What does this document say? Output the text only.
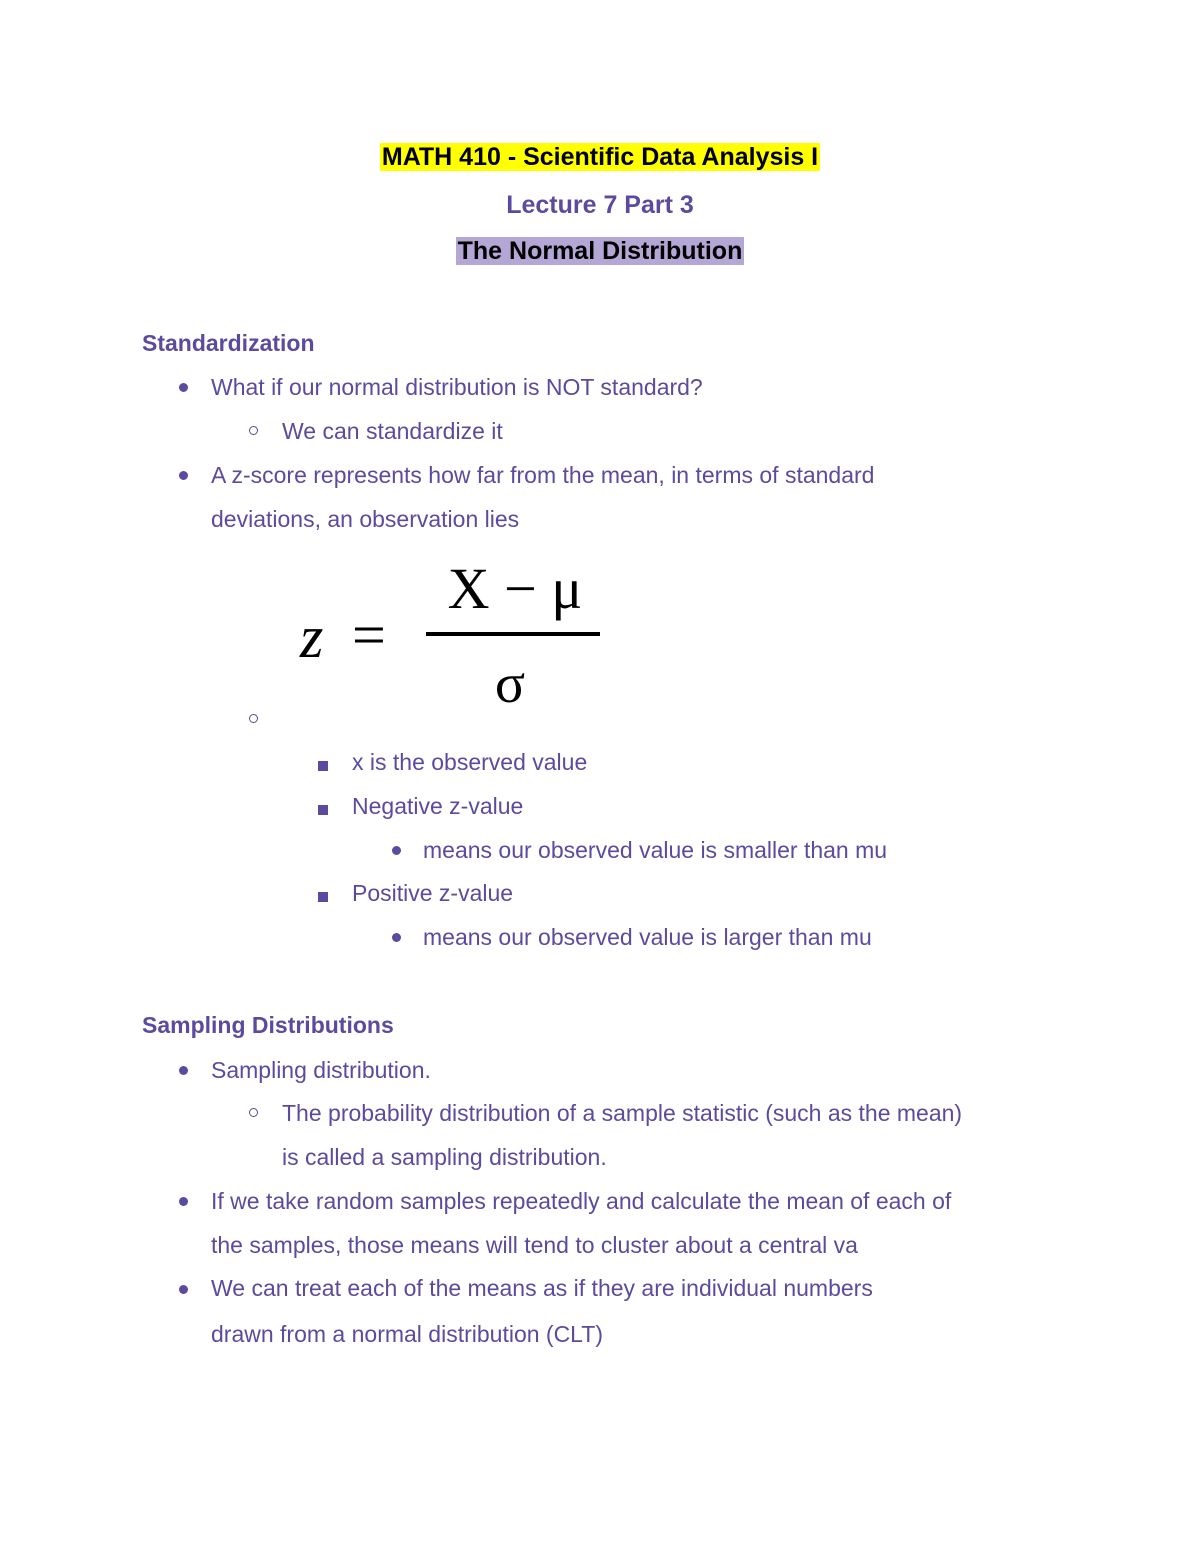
MATH 410 - Scientific Data Analysis I
Lecture 7 Part 3
The Normal Distribution
Standardization
What if our normal distribution is NOT standard?
We can standardize it
A z-score represents how far from the mean, in terms of standard
deviations, an observation lies
z =
X − μ
σ
x is the observed value
Negative z-value
means our observed value is smaller than mu
Positive z-value
means our observed value is larger than mu
Sampling Distributions
Sampling distribution.
The probability distribution of a sample statistic (such as the mean)
is called a sampling distribution.
If we take random samples repeatedly and calculate the mean of each of
the samples, those means will tend to cluster about a central va
We can treat each of the means as if they are individual numbers
drawn from a normal distribution (CLT)
